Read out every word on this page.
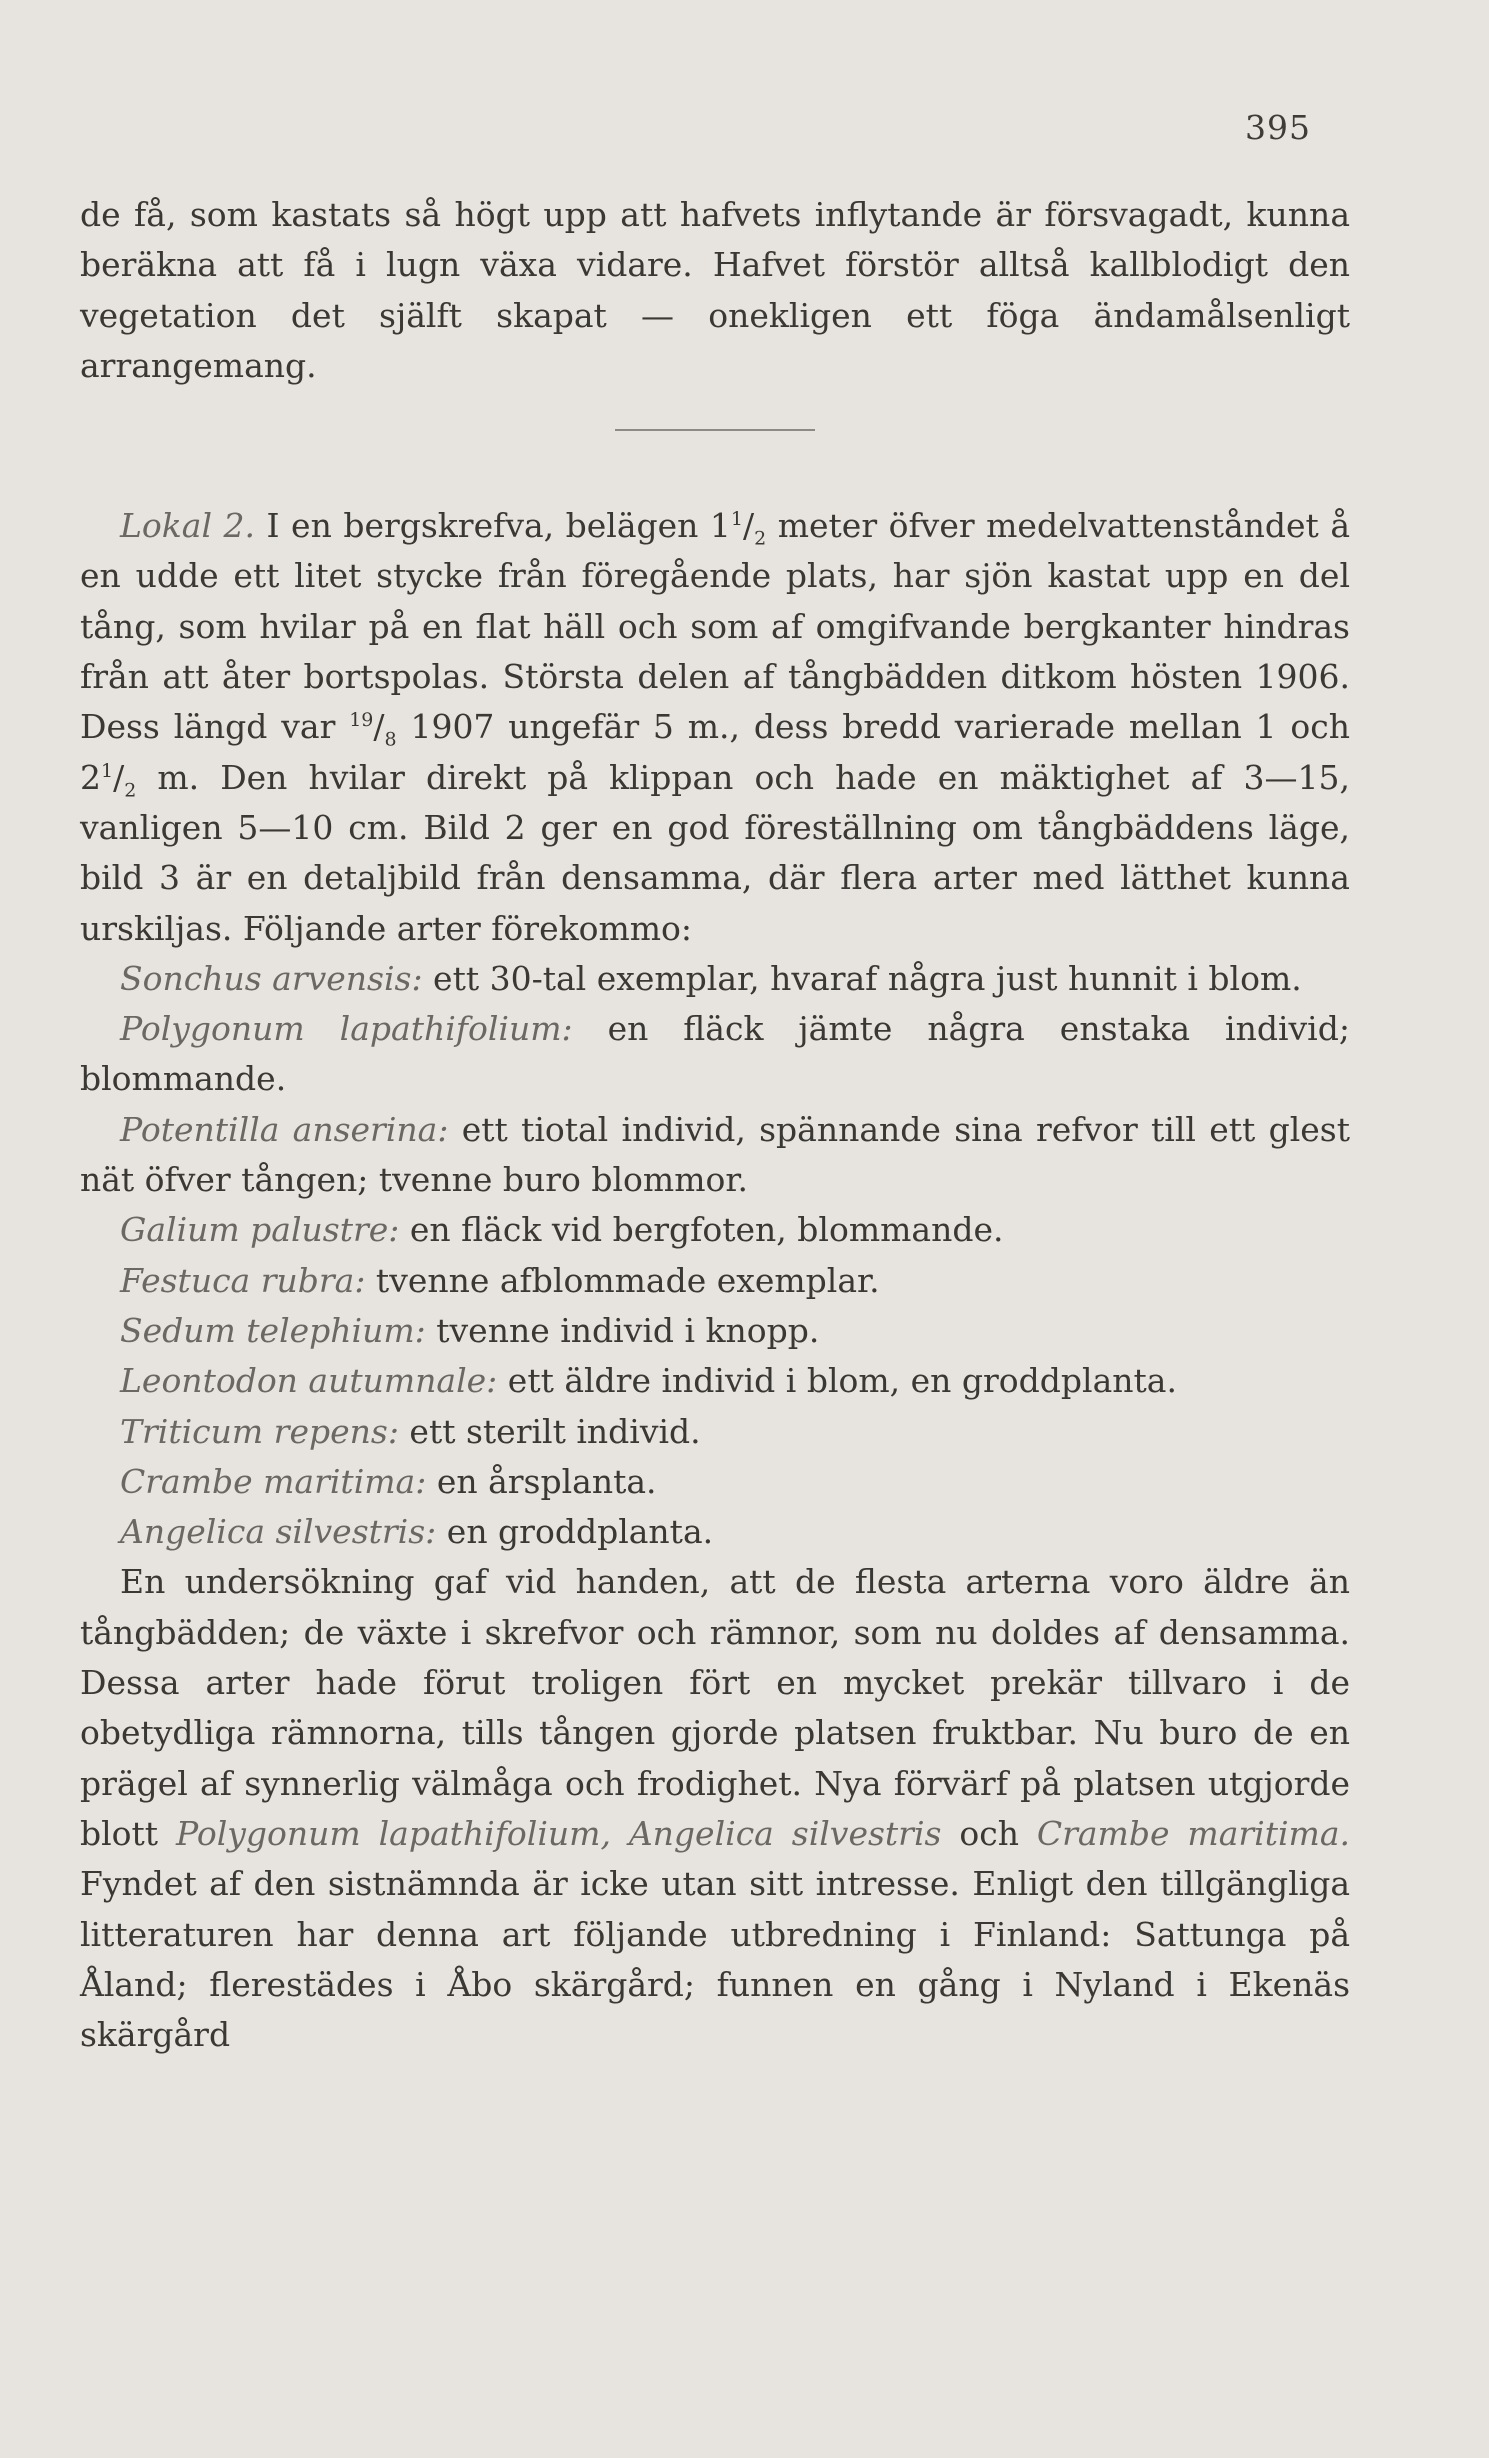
395

de få, som kastats så högt upp att hafvets inflytande är försvagadt, kunna beräkna att få i lugn växa vidare. Hafvet förstör alltså kallblodigt den vegetation det själft skapat — onekligen ett föga ändamålsenligt arrangemang.

Lokal 2. I en bergskrefva, belägen $1^1/_2$ meter öfver medelvattenståndet å en udde ett litet stycke från föregående plats, har sjön kastat upp en del tång, som hvilar på en flat häll och som af omgifvande bergkanter hindras från att åter bortspolas. Största delen af tångbädden ditkom hösten 1906. Dess längd var $^{19}/_8$ 1907 ungefär 5 m., dess bredd varierade mellan 1 och $2^1/_2$ m. Den hvilar direkt på klippan och hade en mäktighet af 3—15, vanligen 5—10 cm. Bild 2 ger en god föreställning om tångbäddens läge, bild 3 är en detaljbild från densamma, där flera arter med lätthet kunna urskiljas. Följande arter förekommo:

Sonchus arvensis: ett 30-tal exemplar, hvaraf några just hunnit i blom.

Polygonum lapathifolium: en fläck jämte några enstaka individ; blommande.

Potentilla anserina: ett tiotal individ, spännande sina refvor till ett glest nät öfver tången; tvenne buro blommor.

Galium palustre: en fläck vid bergfoten, blommande.

Festuca rubra: tvenne afblommade exemplar.

Sedum telephium: tvenne individ i knopp.

Leontodon autumnale: ett äldre individ i blom, en groddplanta.

Triticum repens: ett sterilt individ.

Crambe maritima: en årsplanta.

Angelica silvestris: en groddplanta.

En undersökning gaf vid handen, att de flesta arterna voro äldre än tångbädden; de växte i skrefvor och rämnor, som nu doldes af densamma. Dessa arter hade förut troligen fört en mycket prekär tillvaro i de obetydliga rämnorna, tills tången gjorde platsen fruktbar. Nu buro de en prägel af synnerlig välmåga och frodighet. Nya förvärf på platsen utgjorde blott Polygonum lapathifolium, Angelica silvestris och Crambe maritima. Fyndet af den sistnämnda är icke utan sitt intresse. Enligt den tillgängliga litteraturen har denna art följande utbredning i Finland: Sattunga på Åland; flerestädes i Åbo skärgård; funnen en gång i Nyland i Ekenäs skärgård
